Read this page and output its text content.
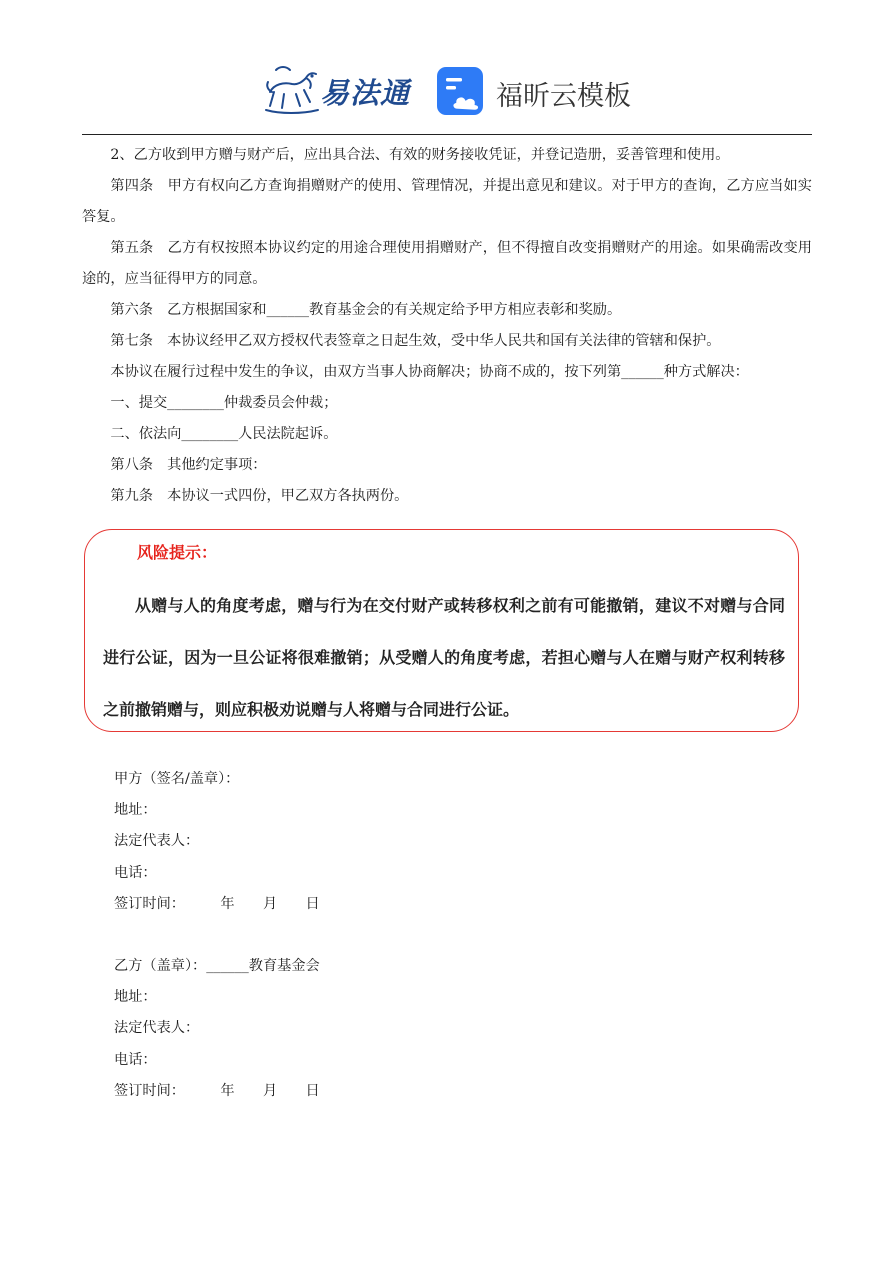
易法通	福昕云模板

2、乙方收到甲方赠与财产后，应出具合法、有效的财务接收凭证，并登记造册，妥善管理和使用。

第四条　甲方有权向乙方查询捐赠财产的使用、管理情况，并提出意见和建议。对于甲方的查询，乙方应当如实答复。

第五条　乙方有权按照本协议约定的用途合理使用捐赠财产，但不得擅自改变捐赠财产的用途。如果确需改变用途的，应当征得甲方的同意。

第六条　乙方根据国家和______教育基金会的有关规定给予甲方相应表彰和奖励。

第七条　本协议经甲乙双方授权代表签章之日起生效，受中华人民共和国有关法律的管辖和保护。

本协议在履行过程中发生的争议，由双方当事人协商解决；协商不成的，按下列第______种方式解决：

一、提交________仲裁委员会仲裁；

二、依法向________人民法院起诉。

第八条　其他约定事项：

第九条　本协议一式四份，甲乙双方各执两份。

风险提示：
从赠与人的角度考虑，赠与行为在交付财产或转移权利之前有可能撤销，建议不对赠与合同进行公证，因为一旦公证将很难撤销；从受赠人的角度考虑，若担心赠与人在赠与财产权利转移之前撤销赠与，则应积极劝说赠与人将赠与合同进行公证。
甲方（签名/盖章）：
地址：
法定代表人：
电话：
签订时间：　　　年　　月　　日
乙方（盖章）：______教育基金会
地址：
法定代表人：
电话：
签订时间：　　　年　　月　　日
